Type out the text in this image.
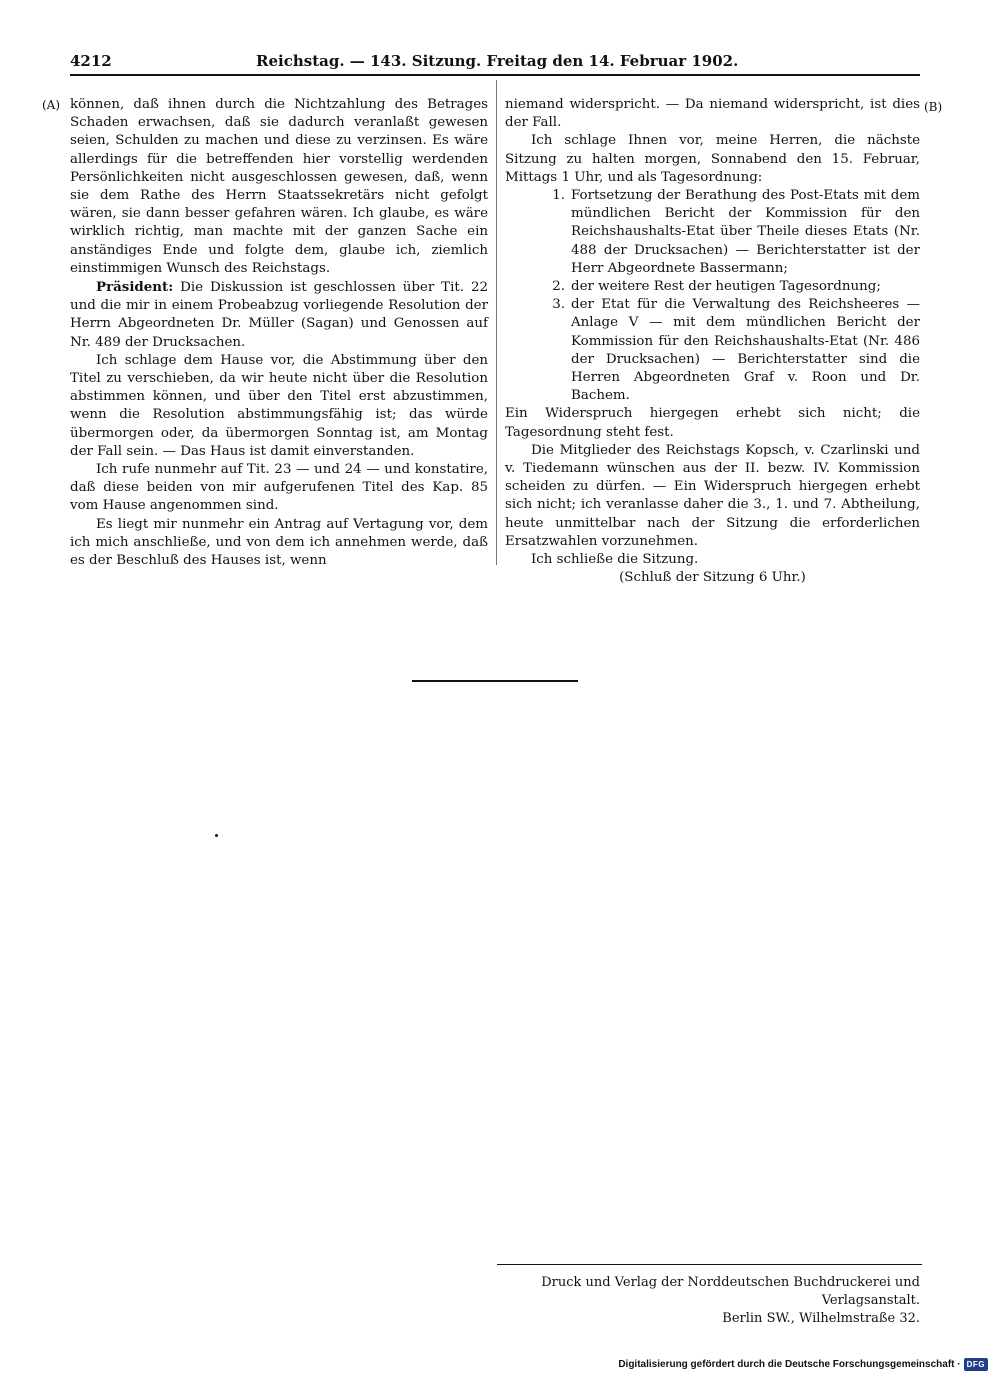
4212	Reichstag. — 143. Sitzung. Freitag den 14. Februar 1902.
(A)	(B)

können, daß ihnen durch die Nichtzahlung des Betrages Schaden erwachsen, daß sie dadurch veranlaßt gewesen seien, Schulden zu machen und diese zu verzinsen. Es wäre allerdings für die betreffenden hier vorstellig werdenden Persönlichkeiten nicht ausgeschlossen gewesen, daß, wenn sie dem Rathe des Herrn Staatssekretärs nicht gefolgt wären, sie dann besser gefahren wären. Ich glaube, es wäre wirklich richtig, man machte mit der ganzen Sache ein anständiges Ende und folgte dem, glaube ich, ziemlich einstimmigen Wunsch des Reichstags.

Präsident: Die Diskussion ist geschlossen über Tit. 22 und die mir in einem Probeabzug vorliegende Resolution der Herrn Abgeordneten Dr. Müller (Sagan) und Genossen auf Nr. 489 der Drucksachen.

Ich schlage dem Hause vor, die Abstimmung über den Titel zu verschieben, da wir heute nicht über die Resolution abstimmen können, und über den Titel erst abzustimmen, wenn die Resolution abstimmungsfähig ist; das würde übermorgen oder, da übermorgen Sonntag ist, am Montag der Fall sein. — Das Haus ist damit einverstanden.

Ich rufe nunmehr auf Tit. 23 — und 24 — und konstatire, daß diese beiden von mir aufgerufenen Titel des Kap. 85 vom Hause angenommen sind.

Es liegt mir nunmehr ein Antrag auf Vertagung vor, dem ich mich anschließe, und von dem ich annehmen werde, daß es der Beschluß des Hauses ist, wenn

niemand widerspricht. — Da niemand widerspricht, ist dies der Fall.

Ich schlage Ihnen vor, meine Herren, die nächste Sitzung zu halten morgen, Sonnabend den 15. Februar, Mittags 1 Uhr, und als Tagesordnung:

1. Fortsetzung der Berathung des Post-Etats mit dem mündlichen Bericht der Kommission für den Reichshaushalts-Etat über Theile dieses Etats (Nr. 488 der Drucksachen) — Berichterstatter ist der Herr Abgeordnete Bassermann;
2. der weitere Rest der heutigen Tagesordnung;
3. der Etat für die Verwaltung des Reichsheeres — Anlage V — mit dem mündlichen Bericht der Kommission für den Reichshaushalts-Etat (Nr. 486 der Drucksachen) — Berichterstatter sind die Herren Abgeordneten Graf v. Roon und Dr. Bachem.

Ein Widerspruch hiergegen erhebt sich nicht; die Tagesordnung steht fest.

Die Mitglieder des Reichstags Kopsch, v. Czarlinski und v. Tiedemann wünschen aus der II. bezw. IV. Kommission scheiden zu dürfen. — Ein Widerspruch hiergegen erhebt sich nicht; ich veranlasse daher die 3., 1. und 7. Abtheilung, heute unmittelbar nach der Sitzung die erforderlichen Ersatzwahlen vorzunehmen.

Ich schließe die Sitzung.

(Schluß der Sitzung 6 Uhr.)

Druck und Verlag der Norddeutschen Buchdruckerei und Verlagsanstalt.
Berlin SW., Wilhelmstraße 32.
Digitalisierung gefördert durch die Deutsche Forschungsgemeinschaft · DFG
